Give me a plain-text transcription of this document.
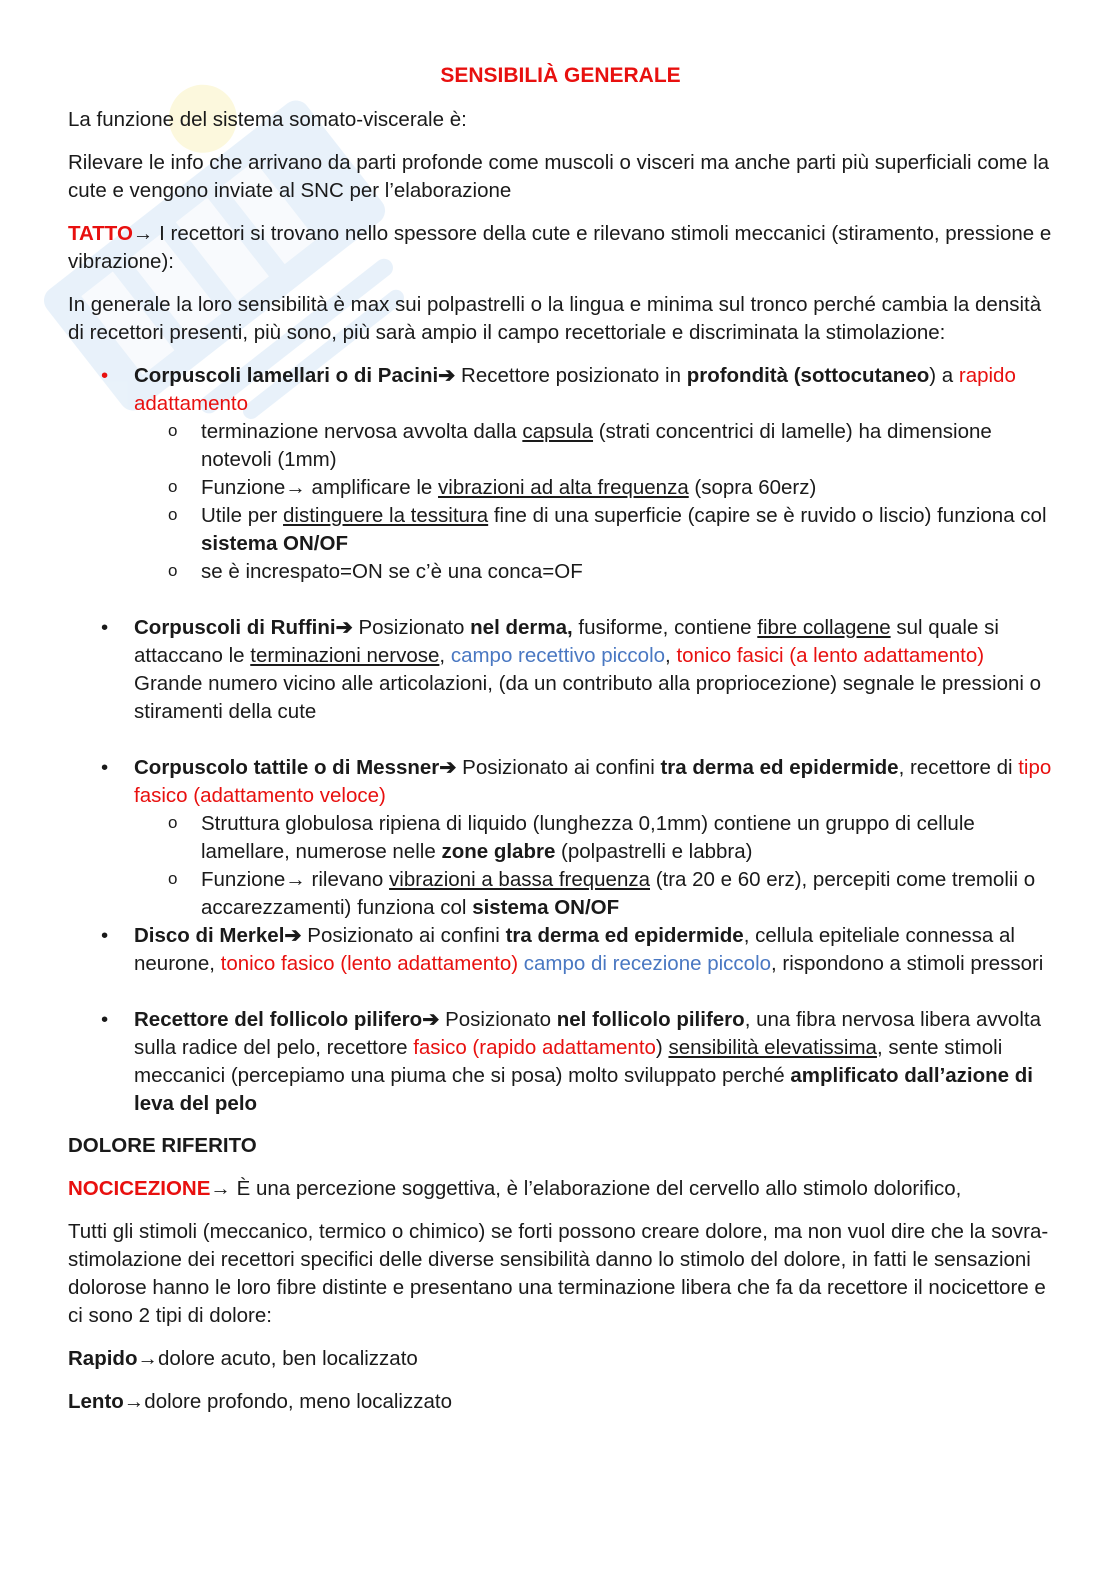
SENSIBILIÀ GENERALE

La funzione del sistema somato-viscerale è:

Rilevare le info che arrivano da parti profonde come muscoli o visceri ma anche parti più superficiali come la cute e vengono inviate al SNC per l’elaborazione

TATTO→ I recettori si trovano nello spessore della cute e rilevano stimoli meccanici (stiramento, pressione e vibrazione):

In generale la loro sensibilità è max sui polpastrelli o la lingua e minima sul tronco perché cambia la densità di recettori presenti, più sono, più sarà ampio il campo recettoriale e discriminata la stimolazione:

• Corpuscoli lamellari o di Pacini➔ Recettore posizionato in profondità (sottocutaneo) a rapido adattamento
o terminazione nervosa avvolta dalla capsula (strati concentrici di lamelle) ha dimensione notevoli (1mm)
o Funzione→ amplificare le vibrazioni ad alta frequenza (sopra 60erz)
o Utile per distinguere la tessitura fine di una superficie (capire se è ruvido o liscio) funziona col sistema ON/OF
o se è increspato=ON se c’è una conca=OF
• Corpuscoli di Ruffini➔ Posizionato nel derma, fusiforme, contiene fibre collagene sul quale si attaccano le terminazioni nervose, campo recettivo piccolo, tonico fasici (a lento adattamento)
Grande numero vicino alle articolazioni, (da un contributo alla propriocezione) segnale le pressioni o stiramenti della cute
• Corpuscolo tattile o di Messner➔ Posizionato ai confini tra derma ed epidermide, recettore di tipo fasico (adattamento veloce)
o Struttura globulosa ripiena di liquido (lunghezza 0,1mm) contiene un gruppo di cellule lamellare, numerose nelle zone glabre (polpastrelli e labbra)
o Funzione→ rilevano vibrazioni a bassa frequenza (tra 20 e 60 erz), percepiti come tremolii o accarezzamenti) funziona col sistema ON/OF
• Disco di Merkel➔ Posizionato ai confini tra derma ed epidermide, cellula epiteliale connessa al neurone, tonico fasico (lento adattamento) campo di recezione piccolo, rispondono a stimoli pressori
• Recettore del follicolo pilifero➔ Posizionato nel follicolo pilifero, una fibra nervosa libera avvolta sulla radice del pelo, recettore fasico (rapido adattamento) sensibilità elevatissima, sente stimoli meccanici (percepiamo una piuma che si posa) molto sviluppato perché amplificato dall’azione di leva del pelo

DOLORE RIFERITO

NOCICEZIONE→ È una percezione soggettiva, è l’elaborazione del cervello allo stimolo dolorifico,

Tutti gli stimoli (meccanico, termico o chimico) se forti possono creare dolore, ma non vuol dire che la sovra-stimolazione dei recettori specifici delle diverse sensibilità danno lo stimolo del dolore, in fatti le sensazioni dolorose hanno le loro fibre distinte e presentano una terminazione libera che fa da recettore il nocicettore e ci sono 2 tipi di dolore:

Rapido→dolore acuto, ben localizzato

Lento→dolore profondo, meno localizzato
